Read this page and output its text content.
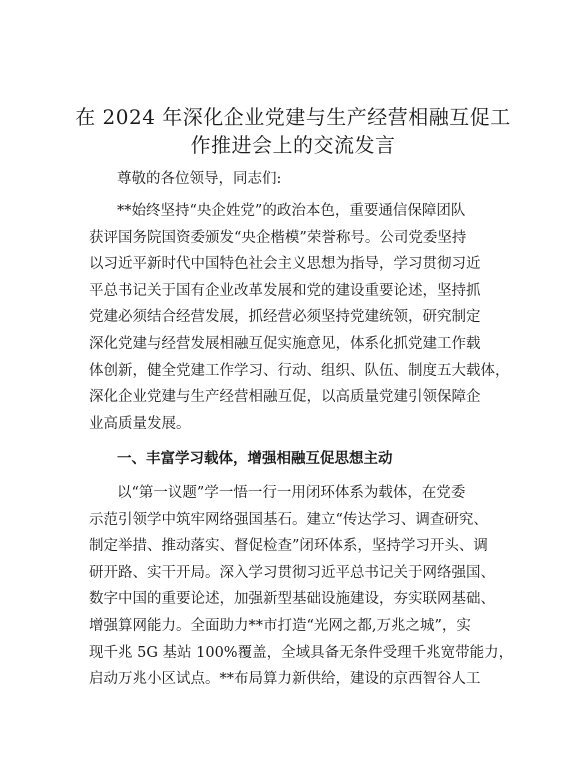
在 2024 年深化企业党建与生产经营相融互促工
作推进会上的交流发言
尊敬的各位领导，同志们:
**始终坚持“央企姓党”的政治本色，重要通信保障团队
获评国务院国资委颁发“央企楷模”荣誉称号。公司党委坚持
以习近平新时代中国特色社会主义思想为指导，学习贯彻习近
平总书记关于国有企业改革发展和党的建设重要论述，坚持抓
党建必须结合经营发展，抓经营必须坚持党建统领，研究制定
深化党建与经营发展相融互促实施意见，体系化抓党建工作载
体创新，健全党建工作学习、行动、组织、队伍、制度五大载体，
深化企业党建与生产经营相融互促，以高质量党建引领保障企
业高质量发展。
一、丰富学习载体，增强相融互促思想主动
以“第一议题”学一悟一行一用闭环体系为载体，在党委
示范引领学中筑牢网络强国基石。建立“传达学习、调查研究、
制定举措、推动落实、督促检查”闭环体系，坚持学习开头、调
研开路、实干开局。深入学习贯彻习近平总书记关于网络强国、
数字中国的重要论述，加强新型基础设施建设，夯实联网基础、
增强算网能力。全面助力**市打造“光网之都,万兆之城”，实
现千兆 5G 基站 100%覆盖，全域具备无条件受理千兆宽带能力，
启动万兆小区试点。**布局算力新供给，建设的京西智谷人工
